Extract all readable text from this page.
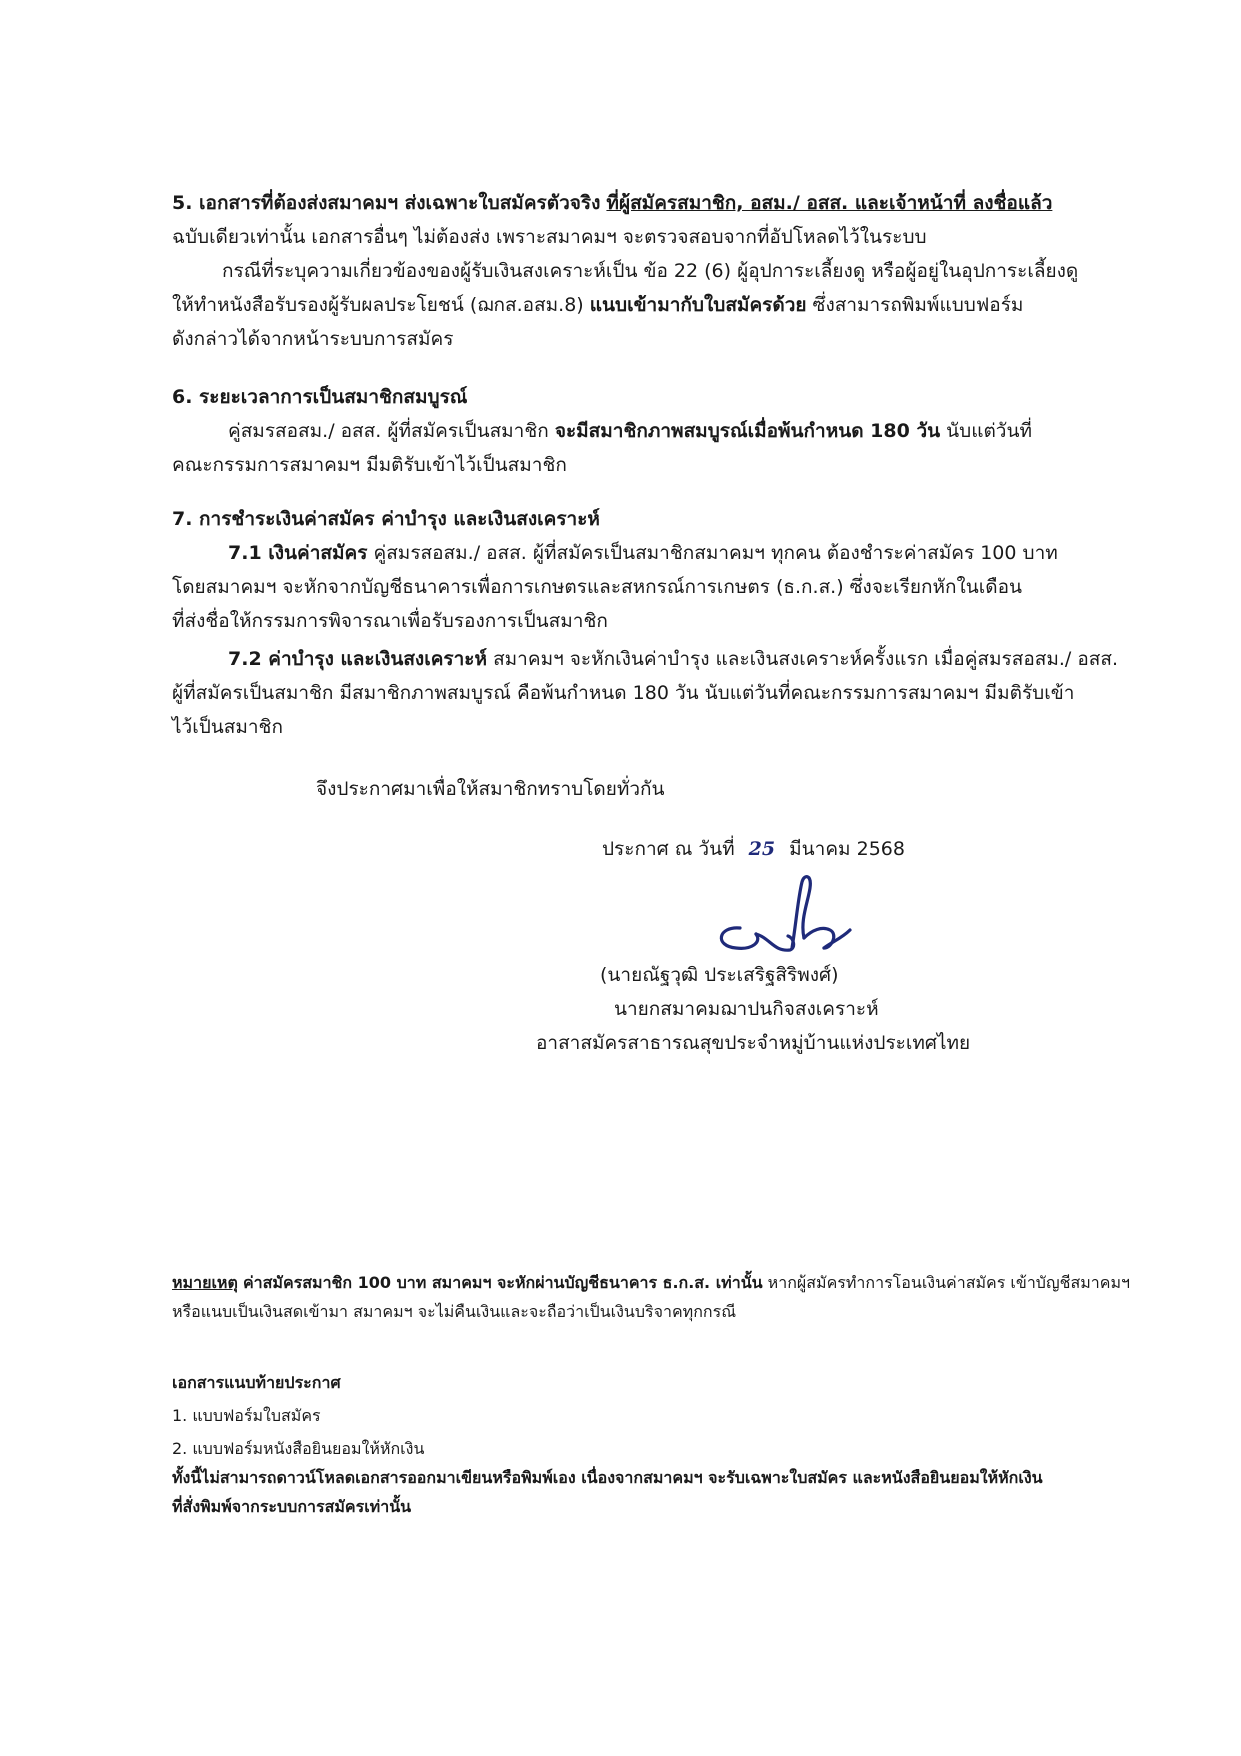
5. เอกสารที่ต้องส่งสมาคมฯ ส่งเฉพาะใบสมัครตัวจริง ที่ผู้สมัครสมาชิก, อสม./ อสส. และเจ้าหน้าที่ ลงชื่อแล้ว
ฉบับเดียวเท่านั้น เอกสารอื่นๆ ไม่ต้องส่ง เพราะสมาคมฯ จะตรวจสอบจากที่อัปโหลดไว้ในระบบ
กรณีที่ระบุความเกี่ยวข้องของผู้รับเงินสงเคราะห์เป็น ข้อ 22 (6) ผู้อุปการะเลี้ยงดู หรือผู้อยู่ในอุปการะเลี้ยงดู
ให้ทำหนังสือรับรองผู้รับผลประโยชน์ (ฌกส.อสม.8) แนบเข้ามากับใบสมัครด้วย ซึ่งสามารถพิมพ์แบบฟอร์ม
ดังกล่าวได้จากหน้าระบบการสมัคร
6. ระยะเวลาการเป็นสมาชิกสมบูรณ์
คู่สมรสอสม./ อสส. ผู้ที่สมัครเป็นสมาชิก จะมีสมาชิกภาพสมบูรณ์เมื่อพ้นกำหนด 180 วัน นับแต่วันที่
คณะกรรมการสมาคมฯ มีมติรับเข้าไว้เป็นสมาชิก
7. การชำระเงินค่าสมัคร ค่าบำรุง และเงินสงเคราะห์
7.1 เงินค่าสมัคร คู่สมรสอสม./ อสส. ผู้ที่สมัครเป็นสมาชิกสมาคมฯ ทุกคน ต้องชำระค่าสมัคร 100 บาท
โดยสมาคมฯ จะหักจากบัญชีธนาคารเพื่อการเกษตรและสหกรณ์การเกษตร (ธ.ก.ส.) ซึ่งจะเรียกหักในเดือน
ที่ส่งชื่อให้กรรมการพิจารณาเพื่อรับรองการเป็นสมาชิก
7.2 ค่าบำรุง และเงินสงเคราะห์ สมาคมฯ จะหักเงินค่าบำรุง และเงินสงเคราะห์ครั้งแรก เมื่อคู่สมรสอสม./ อสส.
ผู้ที่สมัครเป็นสมาชิก มีสมาชิกภาพสมบูรณ์ คือพ้นกำหนด 180 วัน นับแต่วันที่คณะกรรมการสมาคมฯ มีมติรับเข้า
ไว้เป็นสมาชิก
จึงประกาศมาเพื่อให้สมาชิกทราบโดยทั่วกัน
ประกาศ ณ วันที่ 25 มีนาคม 2568
(นายณัฐวุฒิ ประเสริฐสิริพงศ์)
นายกสมาคมฌาปนกิจสงเคราะห์
อาสาสมัครสาธารณสุขประจำหมู่บ้านแห่งประเทศไทย
หมายเหตุ ค่าสมัครสมาชิก 100 บาท สมาคมฯ จะหักผ่านบัญชีธนาคาร ธ.ก.ส. เท่านั้น หากผู้สมัครทำการโอนเงินค่าสมัคร เข้าบัญชีสมาคมฯ
หรือแนบเป็นเงินสดเข้ามา สมาคมฯ จะไม่คืนเงินและจะถือว่าเป็นเงินบริจาคทุกกรณี
เอกสารแนบท้ายประกาศ
1. แบบฟอร์มใบสมัคร
2. แบบฟอร์มหนังสือยินยอมให้หักเงิน
ทั้งนี้ไม่สามารถดาวน์โหลดเอกสารออกมาเขียนหรือพิมพ์เอง เนื่องจากสมาคมฯ จะรับเฉพาะใบสมัคร และหนังสือยินยอมให้หักเงิน
ที่สั่งพิมพ์จากระบบการสมัครเท่านั้น
